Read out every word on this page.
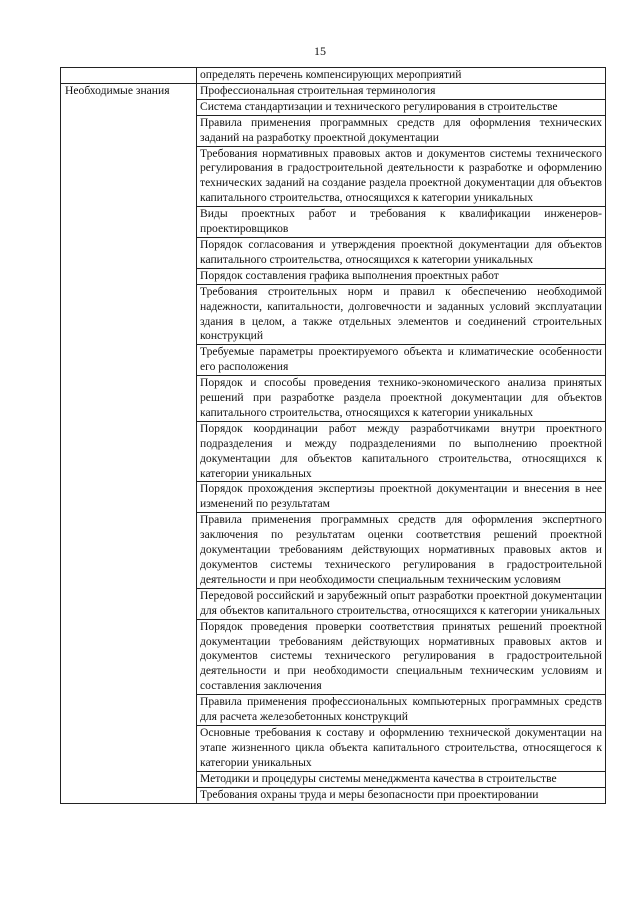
15
	определять перечень компенсирующих мероприятий
Необходимые знания	Профессиональная строительная терминология
	Система стандартизации и технического регулирования в строительстве
	Правила применения программных средств для оформления технических заданий на разработку проектной документации
	Требования нормативных правовых актов и документов системы технического регулирования в градостроительной деятельности к разработке и оформлению технических заданий на создание раздела проектной документации для объектов капитального строительства, относящихся к категории уникальных
	Виды проектных работ и требования к квалификации инженеров-проектировщиков
	Порядок согласования и утверждения проектной документации для объектов капитального строительства, относящихся к категории уникальных
	Порядок составления графика выполнения проектных работ
	Требования строительных норм и правил к обеспечению необходимой надежности, капитальности, долговечности и заданных условий эксплуатации здания в целом, а также отдельных элементов и соединений строительных конструкций
	Требуемые параметры проектируемого объекта и климатические особенности его расположения
	Порядок и способы проведения технико-экономического анализа принятых решений при разработке раздела проектной документации для объектов капитального строительства, относящихся к категории уникальных
	Порядок координации работ между разработчиками внутри проектного подразделения и между подразделениями по выполнению проектной документации для объектов капитального строительства, относящихся к категории уникальных
	Порядок прохождения экспертизы проектной документации и внесения в нее изменений по результатам
	Правила применения программных средств для оформления экспертного заключения по результатам оценки соответствия решений проектной документации требованиям действующих нормативных правовых актов и документов системы технического регулирования в градостроительной деятельности и при необходимости специальным техническим условиям
	Передовой российский и зарубежный опыт разработки проектной документации для объектов капитального строительства, относящихся к категории уникальных
	Порядок проведения проверки соответствия принятых решений проектной документации требованиям действующих нормативных правовых актов и документов системы технического регулирования в градостроительной деятельности и при необходимости специальным техническим условиям и составления заключения
	Правила применения профессиональных компьютерных программных средств для расчета железобетонных конструкций
	Основные требования к составу и оформлению технической документации на этапе жизненного цикла объекта капитального строительства, относящегося к категории уникальных
	Методики и процедуры системы менеджмента качества в строительстве
	Требования охраны труда и меры безопасности при проектировании
